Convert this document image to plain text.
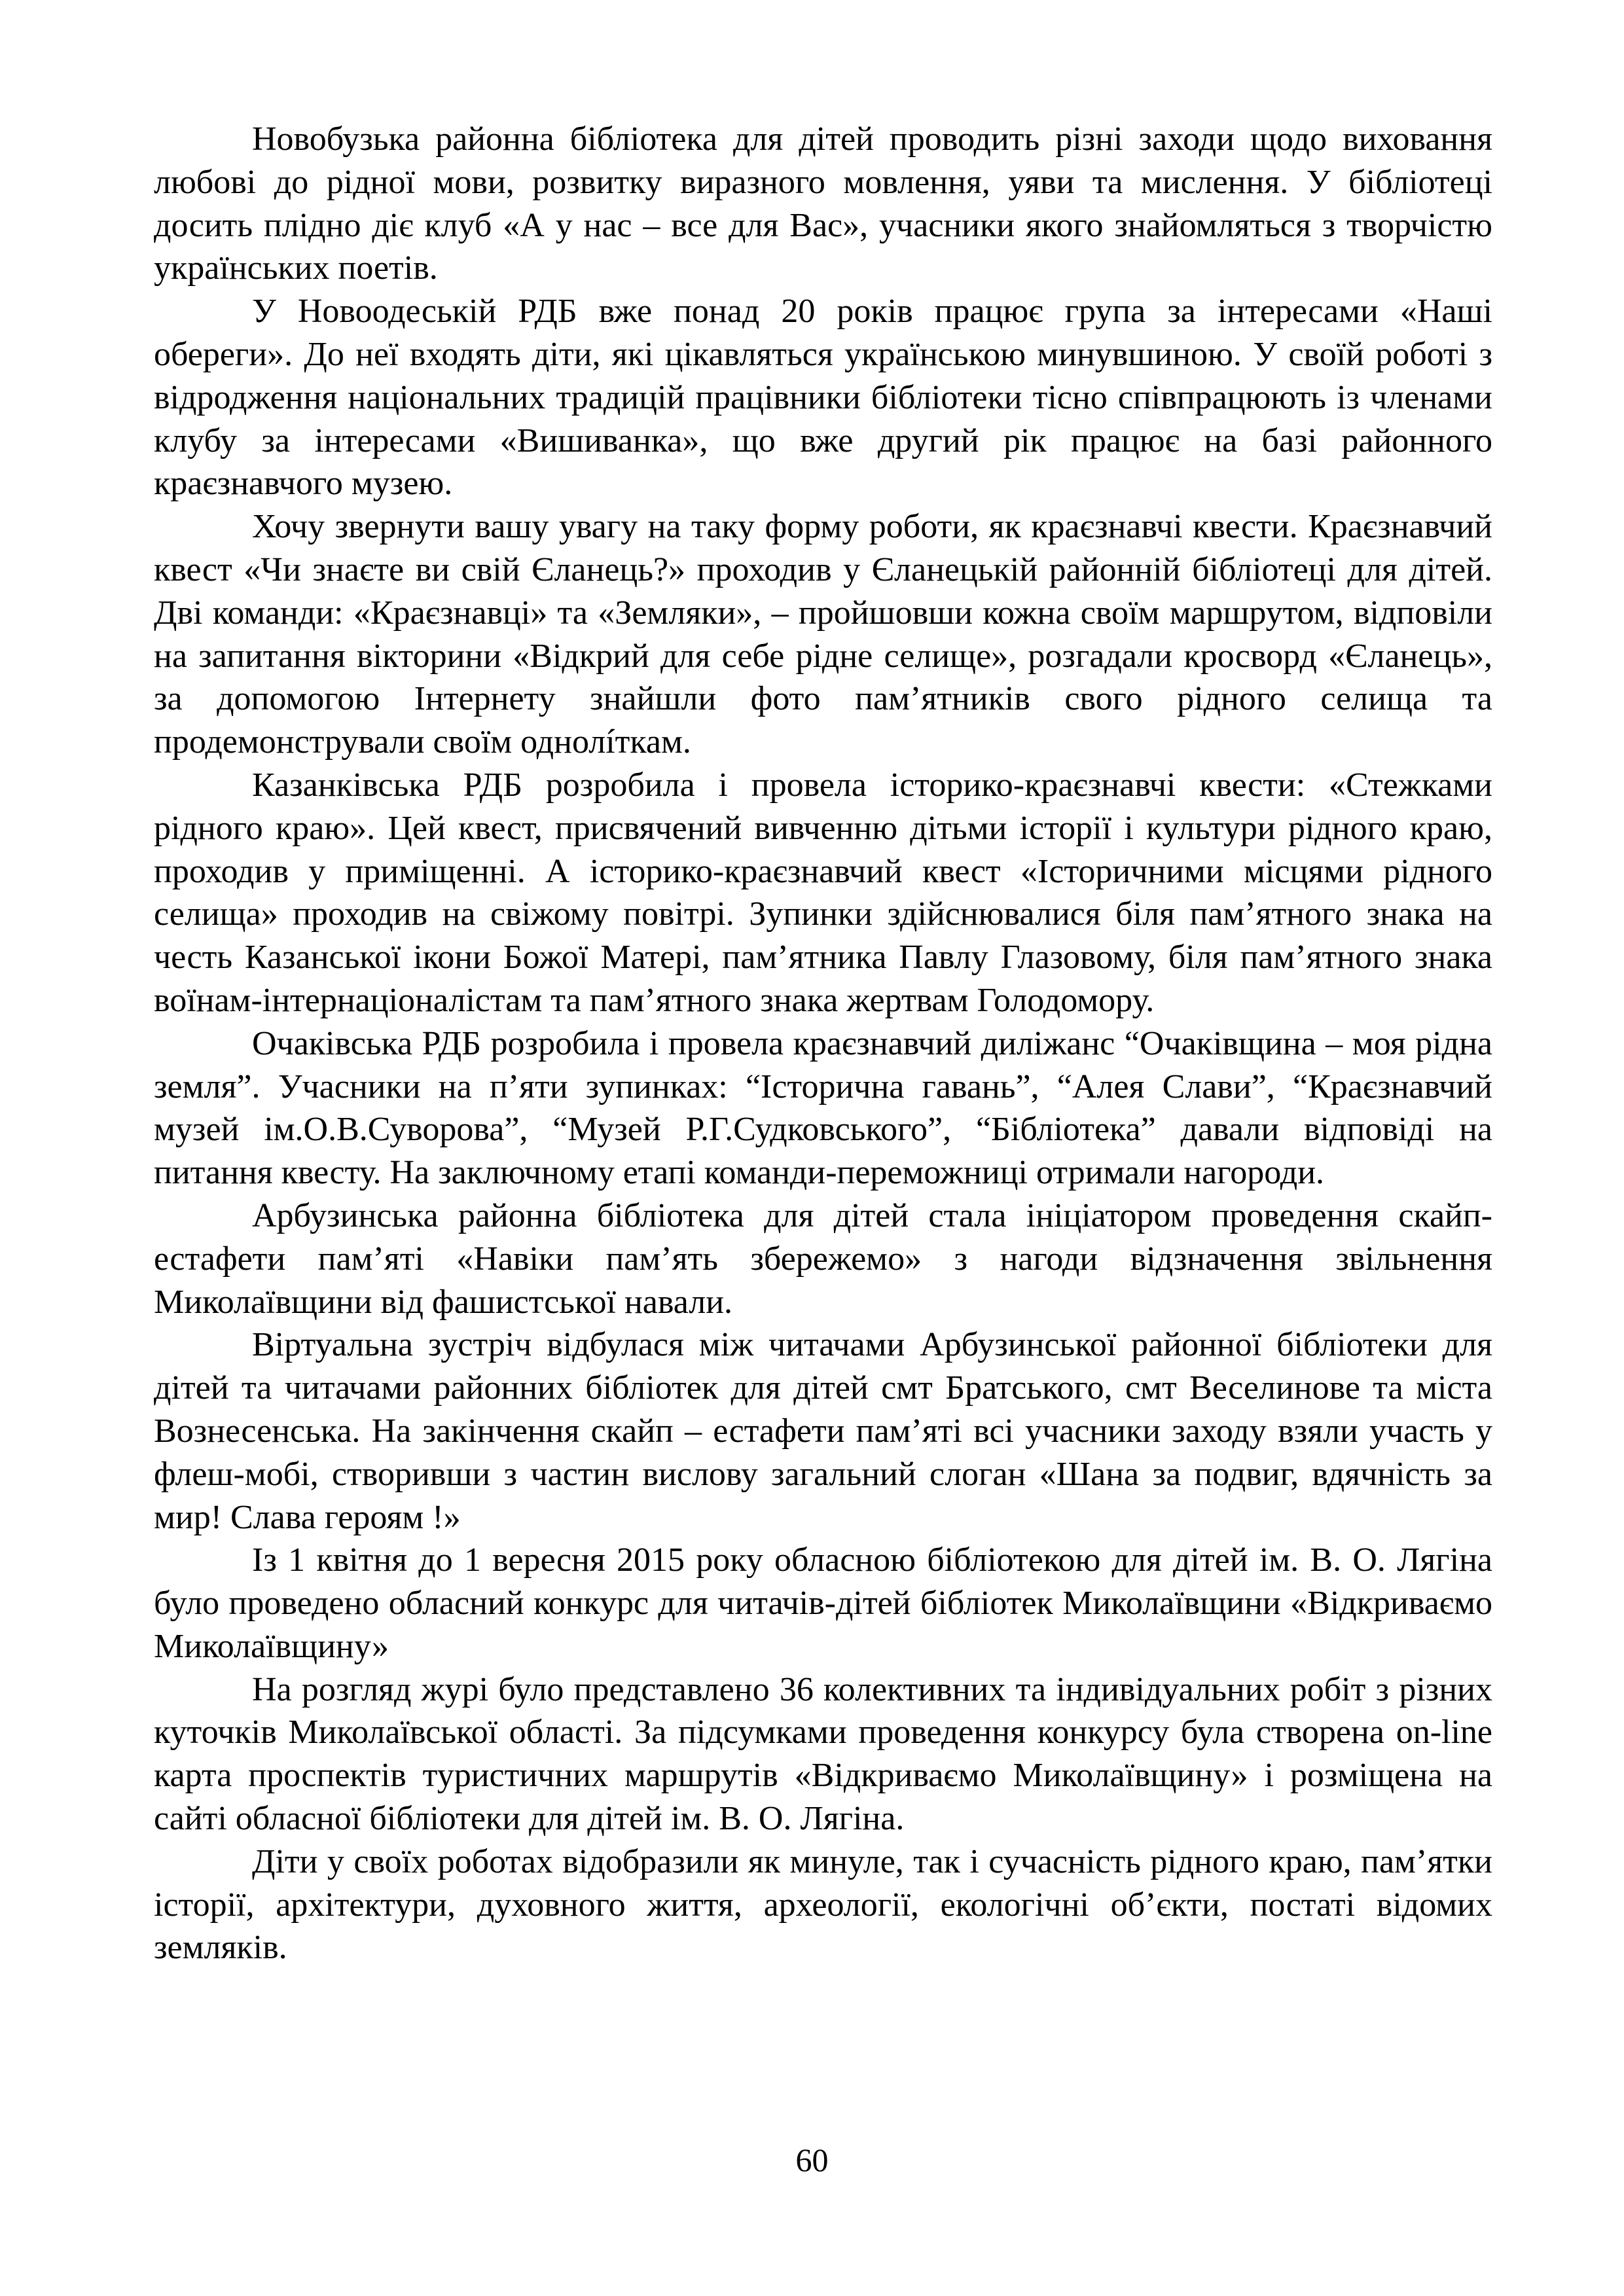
Новобузька районна бібліотека для дітей проводить різні заходи щодо виховання любові до рідної мови, розвитку виразного мовлення, уяви та мислення. У бібліотеці досить плідно діє клуб «А у нас – все для Вас», учасники якого знайомляться з творчістю українських поетів.

У Новоодеській РДБ вже понад 20 років працює група за інтересами «Наші обереги». До неї входять діти, які цікавляться українською минувшиною. У своїй роботі з відродження національних традицій працівники бібліотеки тісно співпрацюють із членами клубу за інтересами «Вишиванка», що вже другий рік працює на базі районного краєзнавчого музею.

Хочу звернути вашу увагу на таку форму роботи, як краєзнавчі квести. Краєзнавчий квест «Чи знаєте ви свій Єланець?» проходив у Єланецькій районній бібліотеці для дітей. Дві команди: «Краєзнавці» та «Земляки», – пройшовши кожна своїм маршрутом, відповіли на запитання вікторини «Відкрий для себе рідне селище», розгадали кросворд «Єланець», за допомогою Інтернету знайшли фото пам’ятників свого рідного селища та продемонстрували своїм однолíткам.

Казанківська РДБ розробила і провела історико-краєзнавчі квести: «Стежками рідного краю». Цей квест, присвячений вивченню дітьми історії і культури рідного краю, проходив у приміщенні. А історико-краєзнавчий квест «Історичними місцями рідного селища» проходив на свіжому повітрі. Зупинки здійснювалися біля пам’ятного знака на честь Казанської ікони Божої Матері, пам’ятника Павлу Глазовому, біля пам’ятного знака воїнам-інтернаціоналістам та пам’ятного знака жертвам Голодомору.

Очаківська РДБ розробила і провела краєзнавчий диліжанс “Очаківщина – моя рідна земля”. Учасники на п’яти зупинках: “Історична гавань”, “Алея Слави”, “Краєзнавчий музей ім.О.В.Суворова”, “Музей Р.Г.Судковського”, “Бібліотека” давали відповіді на питання квесту. На заключному етапі команди-переможниці отримали нагороди.

Арбузинська районна бібліотека для дітей стала ініціатором проведення скайп-естафети пам’яті «Навіки пам’ять збережемо» з нагоди відзначення звільнення Миколаївщини від фашистської навали.

Віртуальна зустріч відбулася між читачами Арбузинської районної бібліотеки для дітей та читачами районних бібліотек для дітей смт Братського, смт Веселинове та міста Вознесенська. На закінчення скайп – естафети пам’яті всі учасники заходу взяли участь у флеш-мобі, створивши з частин вислову загальний слоган «Шана за подвиг, вдячність за мир! Слава героям !»

Із 1 квітня до 1 вересня 2015 року обласною бібліотекою для дітей ім. В. О. Лягіна було проведено обласний конкурс для читачів-дітей бібліотек Миколаївщини «Відкриваємо Миколаївщину»

На розгляд журі було представлено 36 колективних та індивідуальних робіт з різних куточків Миколаївської області. За підсумками проведення конкурсу була створена on-line карта проспектів туристичних маршрутів «Відкриваємо Миколаївщину» і розміщена на сайті обласної бібліотеки для дітей ім. В. О. Лягіна.

Діти у своїх роботах відобразили як минуле, так і сучасність рідного краю, пам’ятки історії, архітектури, духовного життя, археології, екологічні об’єкти, постаті відомих земляків.

60
